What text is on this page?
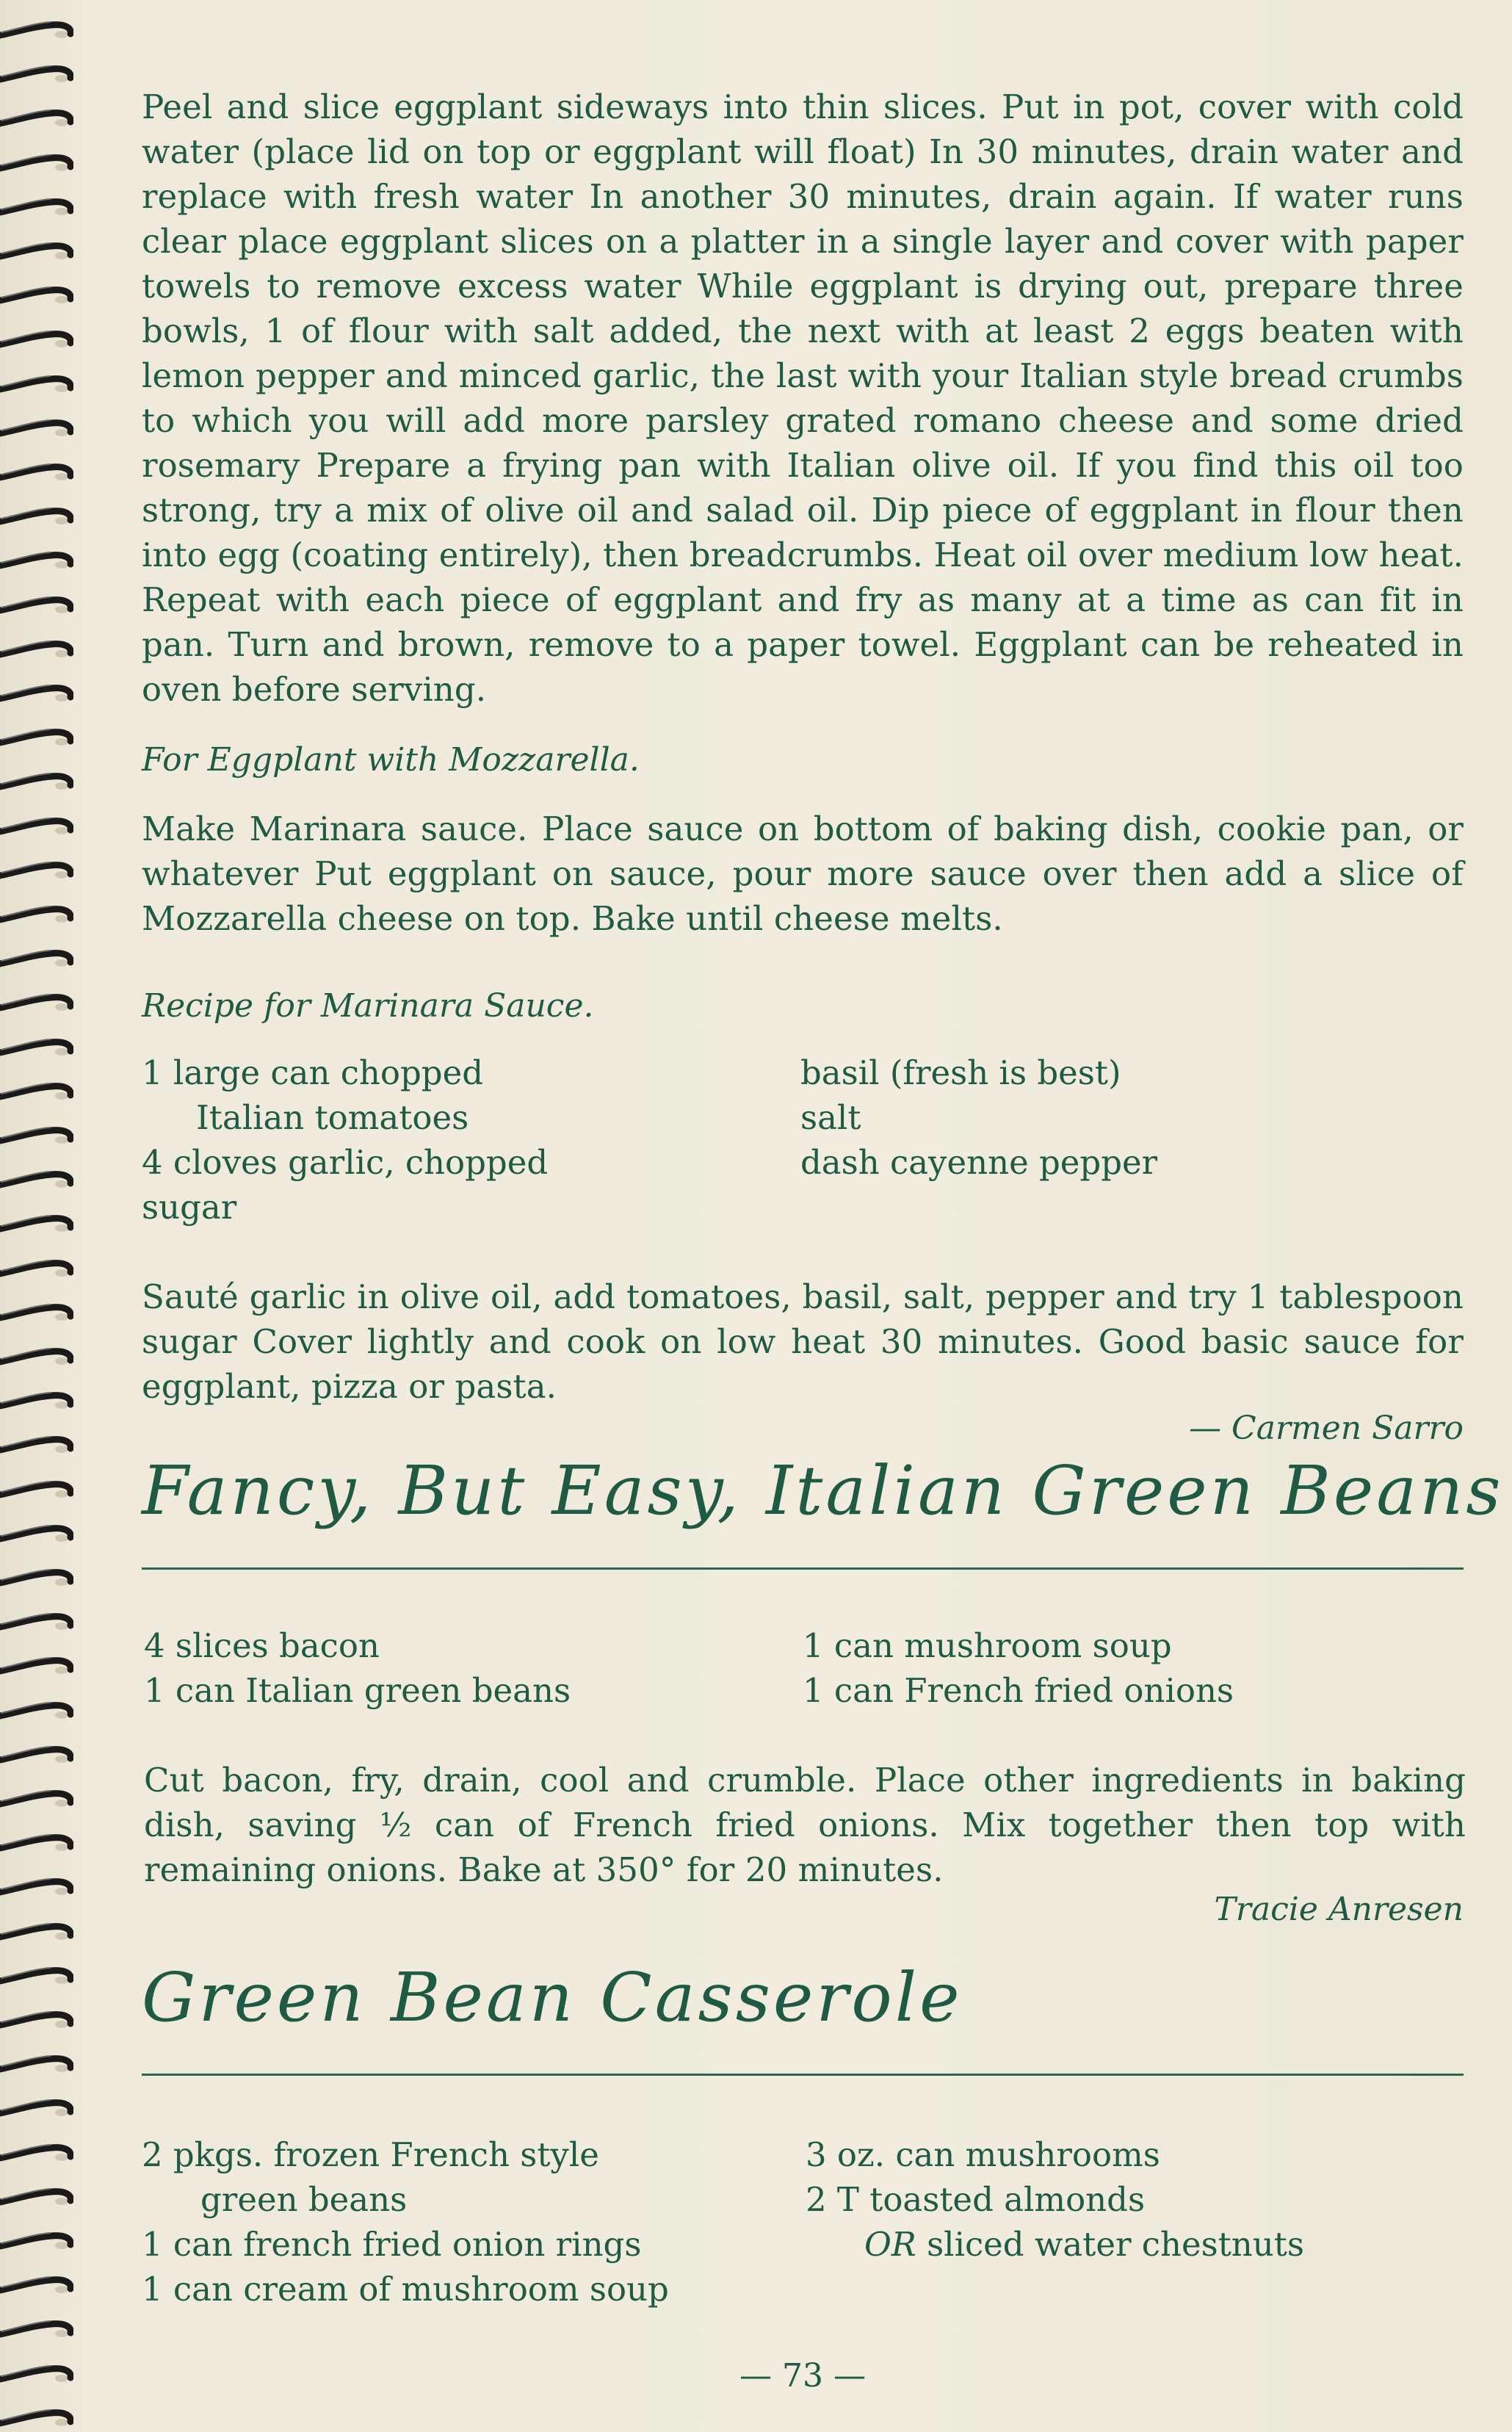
Peel and slice eggplant sideways into thin slices. Put in pot, cover with cold water (place lid on top or eggplant will float) In 30 minutes, drain water and replace with fresh water In another 30 minutes, drain again. If water runs clear place eggplant slices on a platter in a single layer and cover with paper towels to remove excess water While eggplant is drying out, prepare three bowls, 1 of flour with salt added, the next with at least 2 eggs beaten with lemon pepper and minced garlic, the last with your Italian style bread crumbs to which you will add more parsley grated romano cheese and some dried rosemary Prepare a frying pan with Italian olive oil. If you find this oil too strong, try a mix of olive oil and salad oil. Dip piece of eggplant in flour then into egg (coating entirely), then breadcrumbs. Heat oil over medium low heat. Repeat with each piece of eggplant and fry as many at a time as can fit in pan. Turn and brown, remove to a paper towel. Eggplant can be reheated in oven before serving.
For Eggplant with Mozzarella.
Make Marinara sauce. Place sauce on bottom of baking dish, cookie pan, or whatever Put eggplant on sauce, pour more sauce over then add a slice of Mozzarella cheese on top. Bake until cheese melts.
Recipe for Marinara Sauce.
1 large can chopped
Italian tomatoes
4 cloves garlic, chopped
sugar
basil (fresh is best)
salt
dash cayenne pepper
Sauté garlic in olive oil, add tomatoes, basil, salt, pepper and try 1 tablespoon sugar Cover lightly and cook on low heat 30 minutes. Good basic sauce for eggplant, pizza or pasta.
— Carmen Sarro
Fancy, But Easy, Italian Green Beans
4 slices bacon
1 can Italian green beans
1 can mushroom soup
1 can French fried onions
Cut bacon, fry, drain, cool and crumble. Place other ingredients in baking dish, saving ½ can of French fried onions. Mix together then top with remaining onions. Bake at 350° for 20 minutes.
Tracie Anresen
Green Bean Casserole
2 pkgs. frozen French style
green beans
1 can french fried onion rings
1 can cream of mushroom soup
3 oz. can mushrooms
2 T toasted almonds
OR sliced water chestnuts
— 73 —
